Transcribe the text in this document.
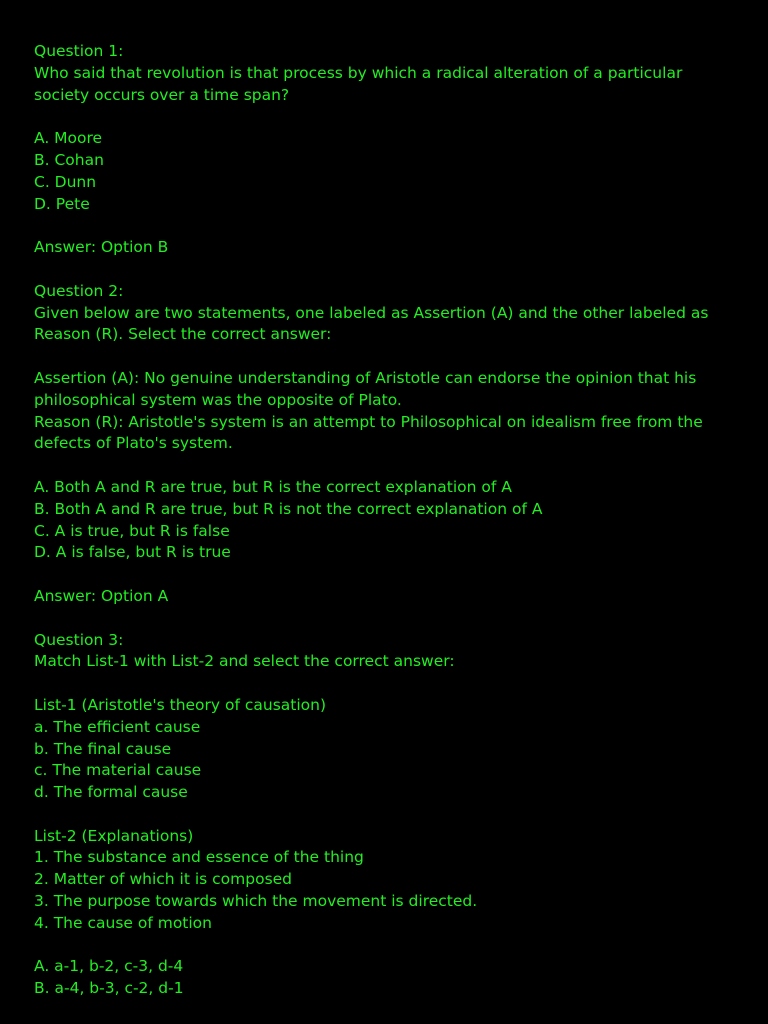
Question 1:
Who said that revolution is that process by which a radical alteration of a particular society occurs over a time span?
A. Moore
B. Cohan
C. Dunn
D. Pete
Answer: Option B
Question 2:
Given below are two statements, one labeled as Assertion (A) and the other labeled as Reason (R). Select the correct answer:
Assertion (A): No genuine understanding of Aristotle can endorse the opinion that his philosophical system was the opposite of Plato.
Reason (R): Aristotle's system is an attempt to Philosophical on idealism free from the defects of Plato's system.
A. Both A and R are true, but R is the correct explanation of A
B. Both A and R are true, but R is not the correct explanation of A
C. A is true, but R is false
D. A is false, but R is true
Answer: Option A
Question 3:
Match List-1 with List-2 and select the correct answer:
List-1 (Aristotle's theory of causation)
a. The efficient cause
b. The final cause
c. The material cause
d. The formal cause
List-2 (Explanations)
1. The substance and essence of the thing
2. Matter of which it is composed
3. The purpose towards which the movement is directed.
4. The cause of motion
A. a-1, b-2, c-3, d-4
B. a-4, b-3, c-2, d-1
